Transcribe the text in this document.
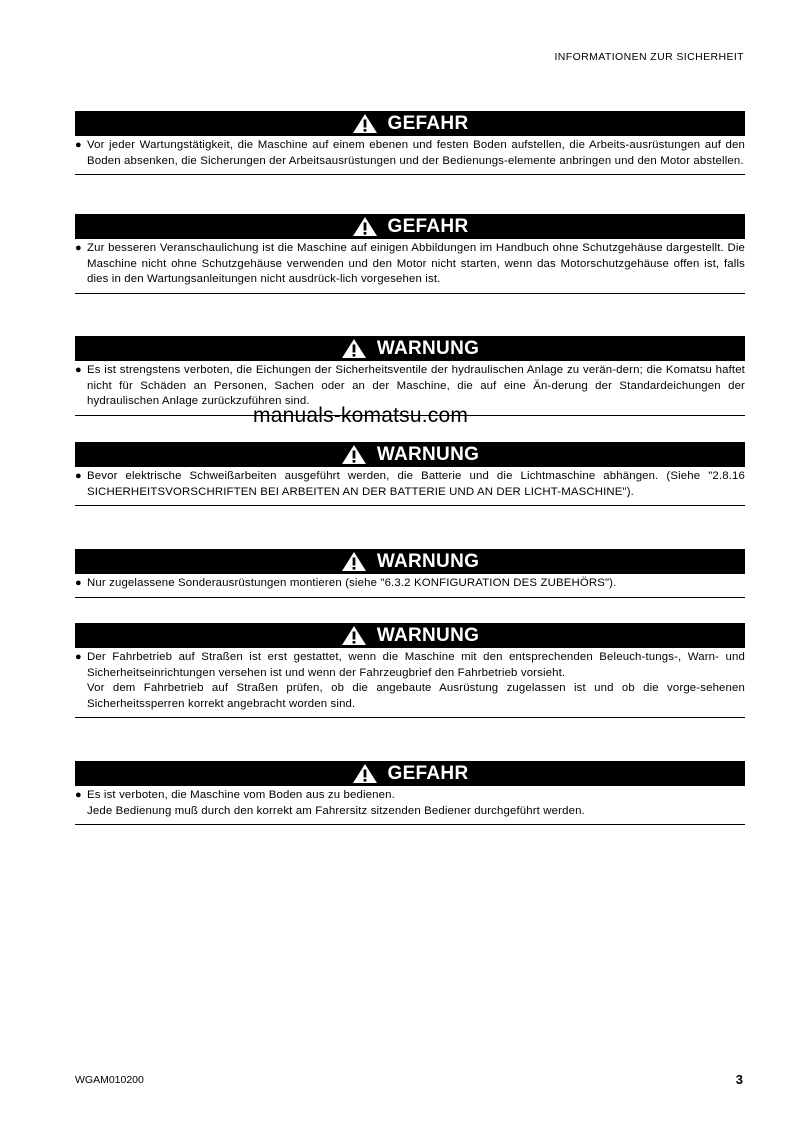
INFORMATIONEN ZUR SICHERHEIT
GEFAHR
● Vor jeder Wartungstätigkeit, die Maschine auf einem ebenen und festen Boden aufstellen, die Arbeits-ausrüstungen auf den Boden absenken, die Sicherungen der Arbeitsausrüstungen und der Bedienungs-elemente anbringen und den Motor abstellen.
GEFAHR
● Zur besseren Veranschaulichung ist die Maschine auf einigen Abbildungen im Handbuch ohne Schutzgehäuse dargestellt. Die Maschine nicht ohne Schutzgehäuse verwenden und den Motor nicht starten, wenn das Motorschutzgehäuse offen ist, falls dies in den Wartungsanleitungen nicht ausdrück-lich vorgesehen ist.
WARNUNG
● Es ist strengstens verboten, die Eichungen der Sicherheitsventile der hydraulischen Anlage zu verän-dern; die Komatsu haftet nicht für Schäden an Personen, Sachen oder an der Maschine, die auf eine Än-derung der Standardeichungen der hydraulischen Anlage zurückzuführen sind.
WARNUNG
● Bevor elektrische Schweißarbeiten ausgeführt werden, die Batterie und die Lichtmaschine abhängen. (Siehe "2.8.16 SICHERHEITSVORSCHRIFTEN BEI ARBEITEN AN DER BATTERIE UND AN DER LICHT-MASCHINE").
WARNUNG
● Nur zugelassene Sonderausrüstungen montieren (siehe "6.3.2 KONFIGURATION DES ZUBEHÖRS").
WARNUNG
● Der Fahrbetrieb auf Straßen ist erst gestattet, wenn die Maschine mit den entsprechenden Beleuch-tungs-, Warn- und Sicherheitseinrichtungen versehen ist und wenn der Fahrzeugbrief den Fahrbetrieb vorsieht.
Vor dem Fahrbetrieb auf Straßen prüfen, ob die angebaute Ausrüstung zugelassen ist und ob die vorge-sehenen Sicherheitssperren korrekt angebracht worden sind.
GEFAHR
● Es ist verboten, die Maschine vom Boden aus zu bedienen.
Jede Bedienung muß durch den korrekt am Fahrersitz sitzenden Bediener durchgeführt werden.
manuals-komatsu.com
WGAM010200	3
